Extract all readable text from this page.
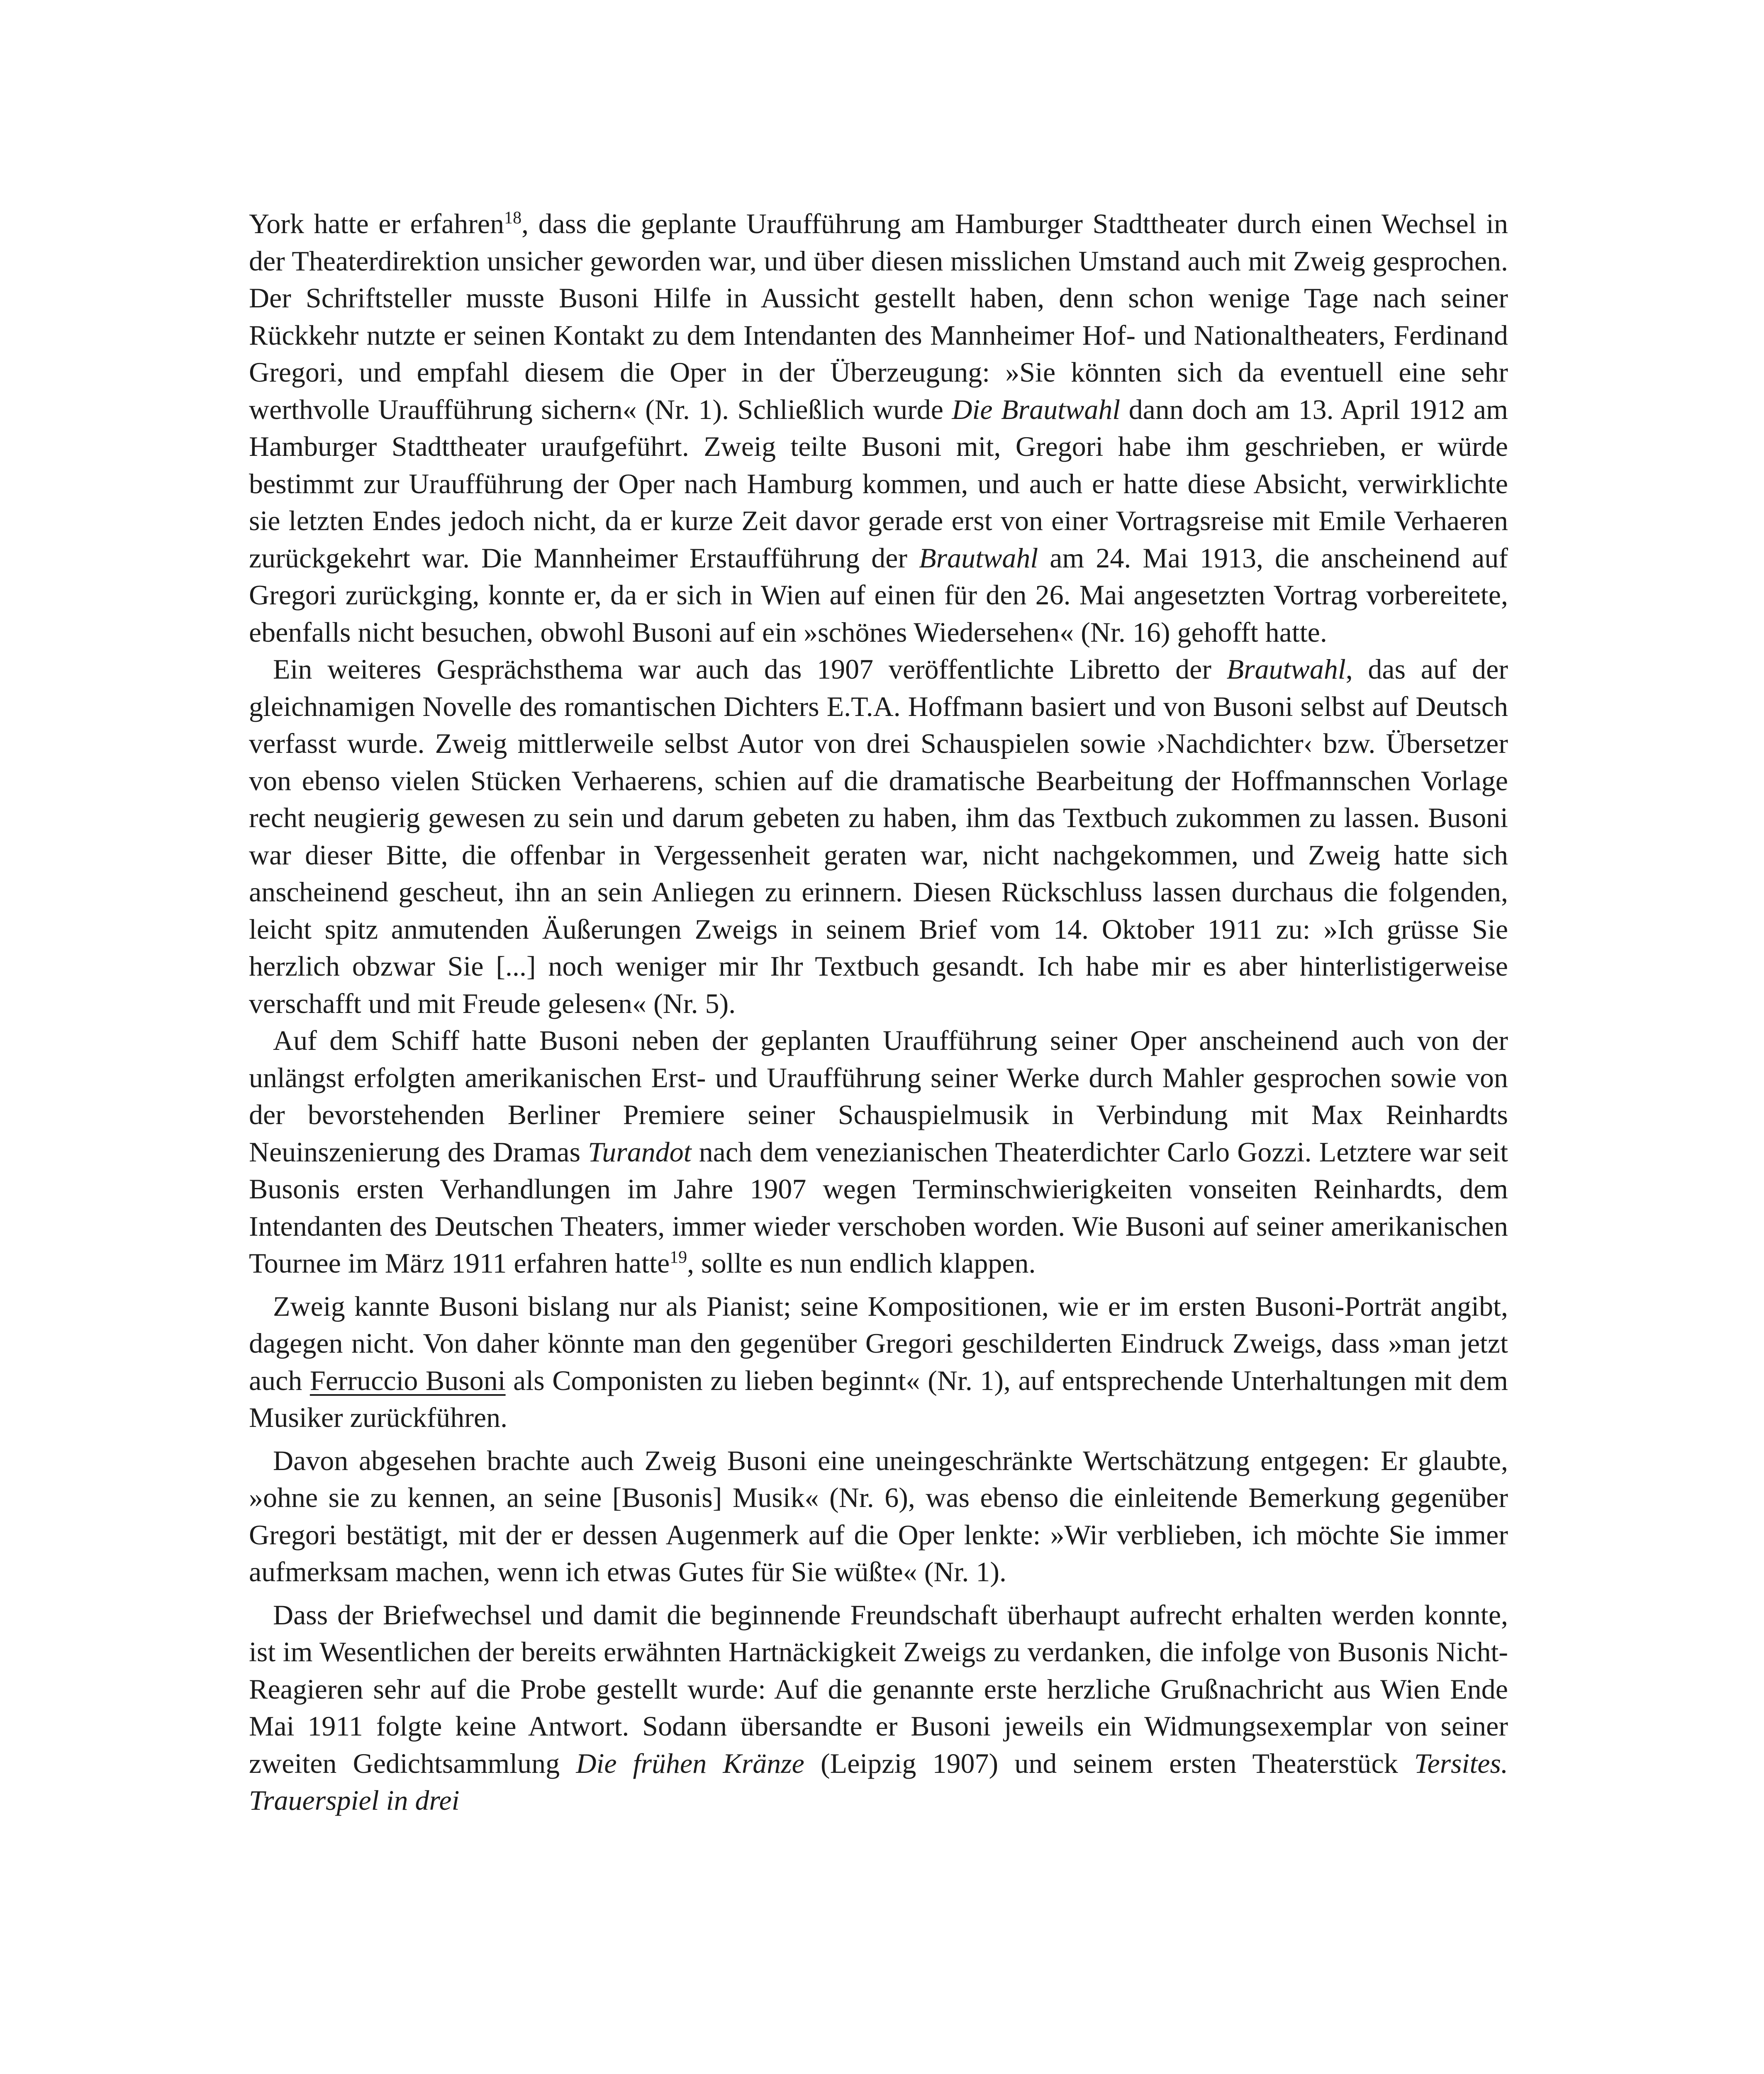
York hatte er erfahren$^{18}$, dass die geplante Uraufführung am Hamburger Stadttheater durch einen Wechsel in der Theaterdirektion unsicher geworden war, und über diesen misslichen Umstand auch mit Zweig gesprochen. Der Schriftsteller musste Busoni Hilfe in Aussicht gestellt haben, denn schon wenige Tage nach seiner Rückkehr nutzte er seinen Kontakt zu dem Intendanten des Mannheimer Hof- und Nationaltheaters, Ferdinand Gregori, und empfahl diesem die Oper in der Überzeugung: »Sie könnten sich da eventuell eine sehr werthvolle Uraufführung sichern« (Nr. 1). Schließlich wurde Die Brautwahl dann doch am 13. April 1912 am Hamburger Stadttheater uraufgeführt. Zweig teilte Busoni mit, Gregori habe ihm geschrieben, er würde bestimmt zur Uraufführung der Oper nach Hamburg kommen, und auch er hatte diese Absicht, verwirklichte sie letzten Endes jedoch nicht, da er kurze Zeit davor gerade erst von einer Vortragsreise mit Emile Verhaeren zurückgekehrt war. Die Mannheimer Erstaufführung der Brautwahl am 24. Mai 1913, die anscheinend auf Gregori zurückging, konnte er, da er sich in Wien auf einen für den 26. Mai angesetzten Vortrag vorbereitete, ebenfalls nicht besuchen, obwohl Busoni auf ein »schönes Wiedersehen« (Nr. 16) gehofft hatte.

Ein weiteres Gesprächsthema war auch das 1907 veröffentlichte Libretto der Brautwahl, das auf der gleichnamigen Novelle des romantischen Dichters E.T.A. Hoffmann basiert und von Busoni selbst auf Deutsch verfasst wurde. Zweig mittlerweile selbst Autor von drei Schauspielen sowie ›Nachdichter‹ bzw. Übersetzer von ebenso vielen Stücken Verhaerens, schien auf die dramatische Bearbeitung der Hoffmannschen Vorlage recht neugierig gewesen zu sein und darum gebeten zu haben, ihm das Textbuch zukommen zu lassen. Busoni war dieser Bitte, die offenbar in Vergessenheit geraten war, nicht nachgekommen, und Zweig hatte sich anscheinend gescheut, ihn an sein Anliegen zu erinnern. Diesen Rückschluss lassen durchaus die folgenden, leicht spitz anmutenden Äußerungen Zweigs in seinem Brief vom 14. Oktober 1911 zu: »Ich grüsse Sie herzlich obzwar Sie [...] noch weniger mir Ihr Textbuch gesandt. Ich habe mir es aber hinterlistigerweise verschafft und mit Freude gelesen« (Nr. 5).

Auf dem Schiff hatte Busoni neben der geplanten Uraufführung seiner Oper anscheinend auch von der unlängst erfolgten amerikanischen Erst- und Uraufführung seiner Werke durch Mahler gesprochen sowie von der bevorstehenden Berliner Premiere seiner Schauspielmusik in Verbindung mit Max Reinhardts Neuinszenierung des Dramas Turandot nach dem venezianischen Theaterdichter Carlo Gozzi. Letztere war seit Busonis ersten Verhandlungen im Jahre 1907 wegen Terminschwierigkeiten vonseiten Reinhardts, dem Intendanten des Deutschen Theaters, immer wieder verschoben worden. Wie Busoni auf seiner amerikanischen Tournee im März 1911 erfahren hatte$^{19}$, sollte es nun endlich klappen.

Zweig kannte Busoni bislang nur als Pianist; seine Kompositionen, wie er im ersten Busoni-Porträt angibt, dagegen nicht. Von daher könnte man den gegenüber Gregori geschilderten Eindruck Zweigs, dass »man jetzt auch Ferruccio Busoni als Componisten zu lieben beginnt« (Nr. 1), auf entsprechende Unterhaltungen mit dem Musiker zurückführen.

Davon abgesehen brachte auch Zweig Busoni eine uneingeschränkte Wertschätzung entgegen: Er glaubte, »ohne sie zu kennen, an seine [Busonis] Musik« (Nr. 6), was ebenso die einleitende Bemerkung gegenüber Gregori bestätigt, mit der er dessen Augenmerk auf die Oper lenkte: »Wir verblieben, ich möchte Sie immer aufmerksam machen, wenn ich etwas Gutes für Sie wüßte« (Nr. 1).

Dass der Briefwechsel und damit die beginnende Freundschaft überhaupt aufrecht erhalten werden konnte, ist im Wesentlichen der bereits erwähnten Hartnäckigkeit Zweigs zu verdanken, die infolge von Busonis Nicht-Reagieren sehr auf die Probe gestellt wurde: Auf die genannte erste herzliche Grußnachricht aus Wien Ende Mai 1911 folgte keine Antwort. Sodann übersandte er Busoni jeweils ein Widmungsexemplar von seiner zweiten Gedichtsammlung Die frühen Kränze (Leipzig 1907) und seinem ersten Theaterstück Tersites. Trauerspiel in drei
